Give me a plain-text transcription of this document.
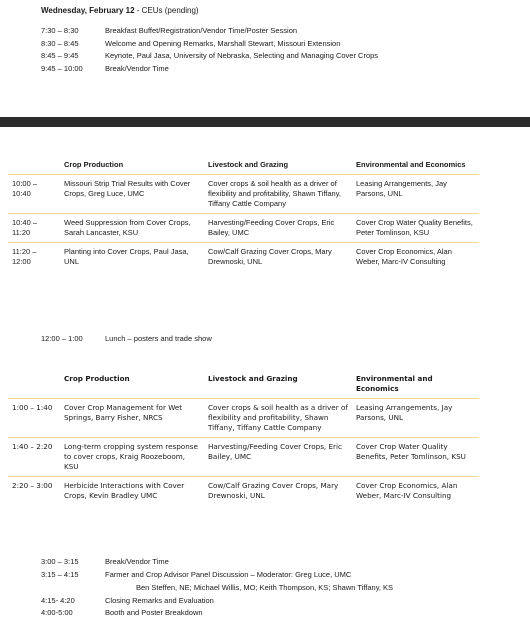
Wednesday, February 12 - CEUs (pending)
7:30 – 8:30	Breakfast Buffet/Registration/Vendor Time/Poster Session
8:30 – 8:45	Welcome and Opening Remarks, Marshall Stewart, Missouri Extension
8:45 – 9:45	Keynote, Paul Jasa, University of Nebraska, Selecting and Managing Cover Crops
9:45 – 10:00	Break/Vendor Time
	Crop Production	Livestock and Grazing	Environmental and Economics
10:00 – 10:40	Missouri Strip Trial Results with Cover Crops, Greg Luce, UMC	Cover crops & soil health as a driver of flexibility and profitability, Shawn Tiffany, Tiffany Cattle Company	Leasing Arrangements, Jay Parsons, UNL
10:40 – 11:20	Weed Suppression from Cover Crops, Sarah Lancaster, KSU	Harvesting/Feeding Cover Crops, Eric Bailey, UMC	Cover Crop Water Quality Benefits, Peter Tomlinson, KSU
11:20 – 12:00	Planting into Cover Crops, Paul Jasa, UNL	Cow/Calf Grazing Cover Crops, Mary Drewnoski, UNL	Cover Crop Economics, Alan Weber, Marc-IV Consulting
12:00 – 1:00	Lunch – posters and trade show
	Crop Production	Livestock and Grazing	Environmental and Economics
1:00 – 1:40	Cover Crop Management for Wet Springs, Barry Fisher, NRCS	Cover crops & soil health as a driver of flexibility and profitability, Shawn Tiffany, Tiffany Cattle Company	Leasing Arrangements, Jay Parsons, UNL
1:40 – 2:20	Long-term cropping system response to cover crops, Kraig Roozeboom, KSU	Harvesting/Feeding Cover Crops, Eric Bailey, UMC	Cover Crop Water Quality Benefits, Peter Tomlinson, KSU
2:20 – 3:00	Herbicide Interactions with Cover Crops, Kevin Bradley UMC	Cow/Calf Grazing Cover Crops, Mary Drewnoski, UNL	Cover Crop Economics, Alan Weber, Marc-IV Consulting
3:00 – 3:15	Break/Vendor Time
3:15 – 4:15	Farmer and Crop Advisor Panel Discussion – Moderator: Greg Luce, UMC
Ben Steffen, NE; Michael Willis, MO; Keith Thompson, KS; Shawn Tiffany, KS
4:15- 4:20	Closing Remarks and Evaluation
4:00-5:00	Booth and Poster Breakdown
